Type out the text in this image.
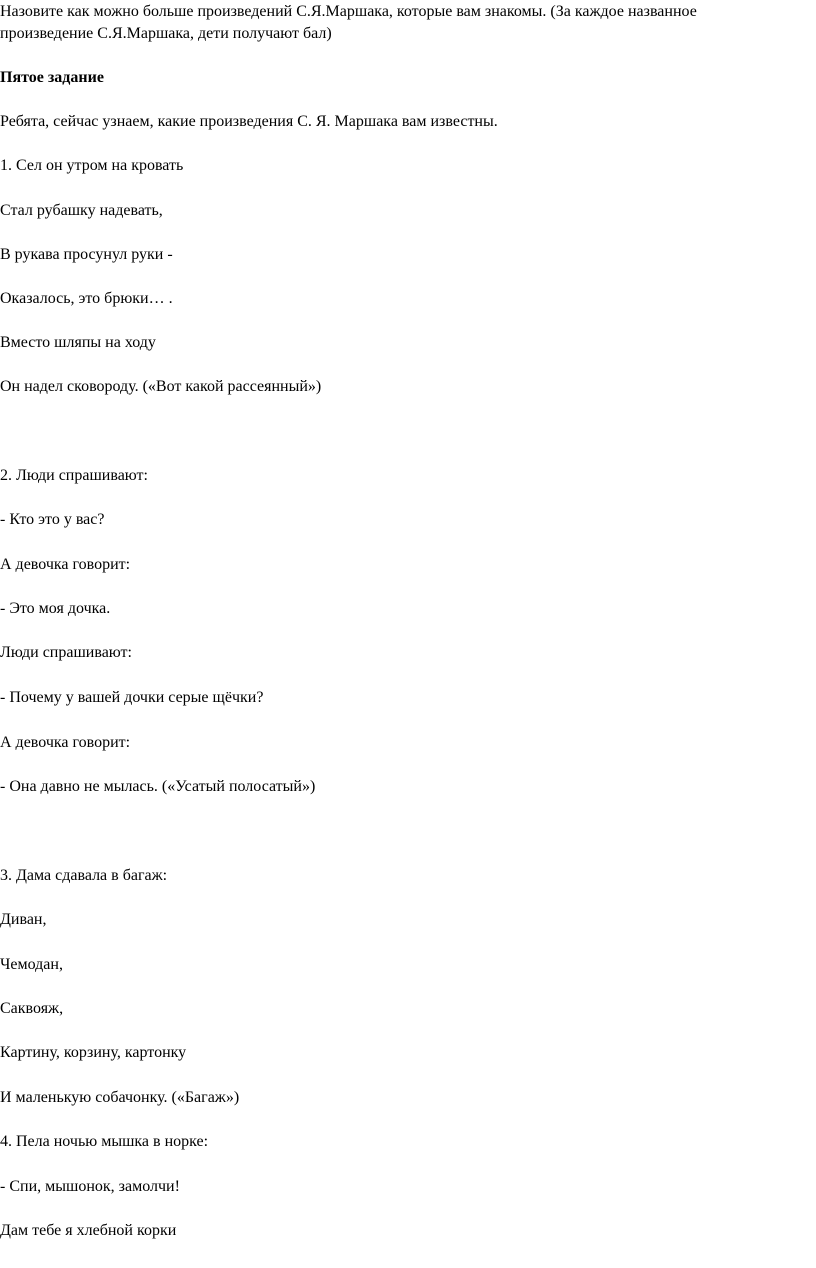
Назовите как можно больше произведений С.Я.Маршака, которые вам знакомы. (За каждое названное
произведение С.Я.Маршака, дети получают бал)
Пятое задание
Ребята, сейчас узнаем, какие произведения С. Я. Маршака вам известны.
1. Сел он утром на кровать
Стал рубашку надевать,
В рукава просунул руки -
Оказалось, это брюки… .
Вместо шляпы на ходу
Он надел сковороду. («Вот какой рассеянный»)
2. Люди спрашивают:
- Кто это у вас?
А девочка говорит:
- Это моя дочка.
Люди спрашивают:
- Почему у вашей дочки серые щёчки?
А девочка говорит:
- Она давно не мылась. («Усатый полосатый»)
3. Дама сдавала в багаж:
Диван,
Чемодан,
Саквояж,
Картину, корзину, картонку
И маленькую собачонку. («Багаж»)
4. Пела ночью мышка в норке:
- Спи, мышонок, замолчи!
Дам тебе я хлебной корки
